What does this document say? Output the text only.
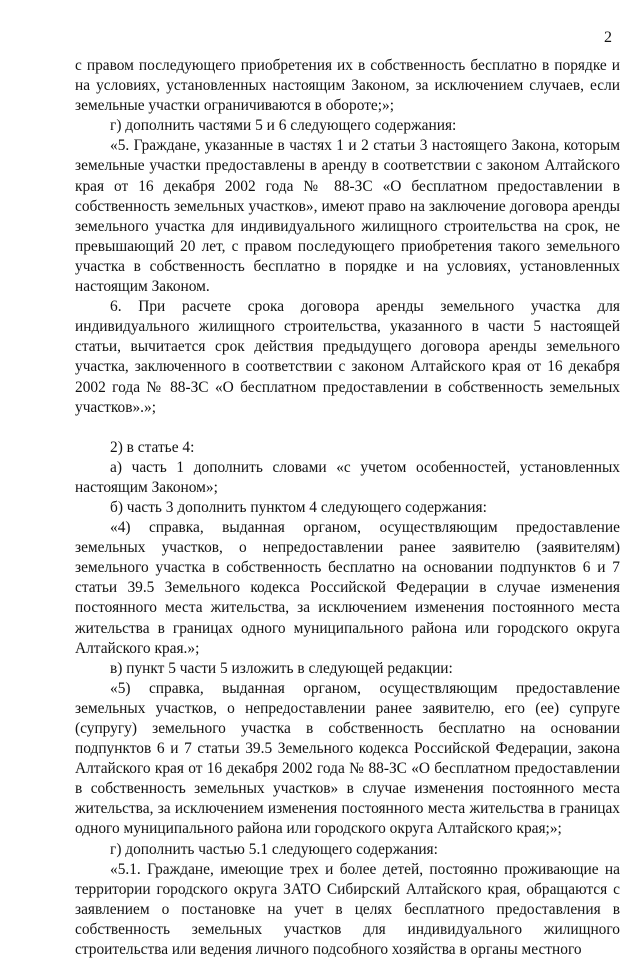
2

с правом последующего приобретения их в собственность бесплатно в порядке и на условиях, установленных настоящим Законом, за исключением случаев, если земельные участки ограничиваются в обороте;»;

г) дополнить частями 5 и 6 следующего содержания:

«5. Граждане, указанные в частях 1 и 2 статьи 3 настоящего Закона, которым земельные участки предоставлены в аренду в соответствии с законом Алтайского края от 16 декабря 2002 года № 88-ЗС «О бесплатном предоставлении в собственность земельных участков», имеют право на заключение договора аренды земельного участка для индивидуального жилищного строительства на срок, не превышающий 20 лет, с правом последующего приобретения такого земельного участка в собственность бесплатно в порядке и на условиях, установленных настоящим Законом.

6. При расчете срока договора аренды земельного участка для индивидуального жилищного строительства, указанного в части 5 настоящей статьи, вычитается срок действия предыдущего договора аренды земельного участка, заключенного в соответствии с законом Алтайского края от 16 декабря 2002 года № 88-ЗС «О бесплатном предоставлении в собственность земельных участков».»;

2) в статье 4:

а) часть 1 дополнить словами «с учетом особенностей, установленных настоящим Законом»;

б) часть 3 дополнить пунктом 4 следующего содержания:

«4) справка, выданная органом, осуществляющим предоставление земельных участков, о непредоставлении ранее заявителю (заявителям) земельного участка в собственность бесплатно на основании подпунктов 6 и 7 статьи 39.5 Земельного кодекса Российской Федерации в случае изменения постоянного места жительства, за исключением изменения постоянного места жительства в границах одного муниципального района или городского округа Алтайского края.»;

в) пункт 5 части 5 изложить в следующей редакции:

«5) справка, выданная органом, осуществляющим предоставление земельных участков, о непредоставлении ранее заявителю, его (ее) супруге (супругу) земельного участка в собственность бесплатно на основании подпунктов 6 и 7 статьи 39.5 Земельного кодекса Российской Федерации, закона Алтайского края от 16 декабря 2002 года № 88-ЗС «О бесплатном предоставлении в собственность земельных участков» в случае изменения постоянного места жительства, за исключением изменения постоянного места жительства в границах одного муниципального района или городского округа Алтайского края;»;

г) дополнить частью 5.1 следующего содержания:

«5.1. Граждане, имеющие трех и более детей, постоянно проживающие на территории городского округа ЗАТО Сибирский Алтайского края, обращаются с заявлением о постановке на учет в целях бесплатного предоставления в собственность земельных участков для индивидуального жилищного строительства или ведения личного подсобного хозяйства в органы местного
